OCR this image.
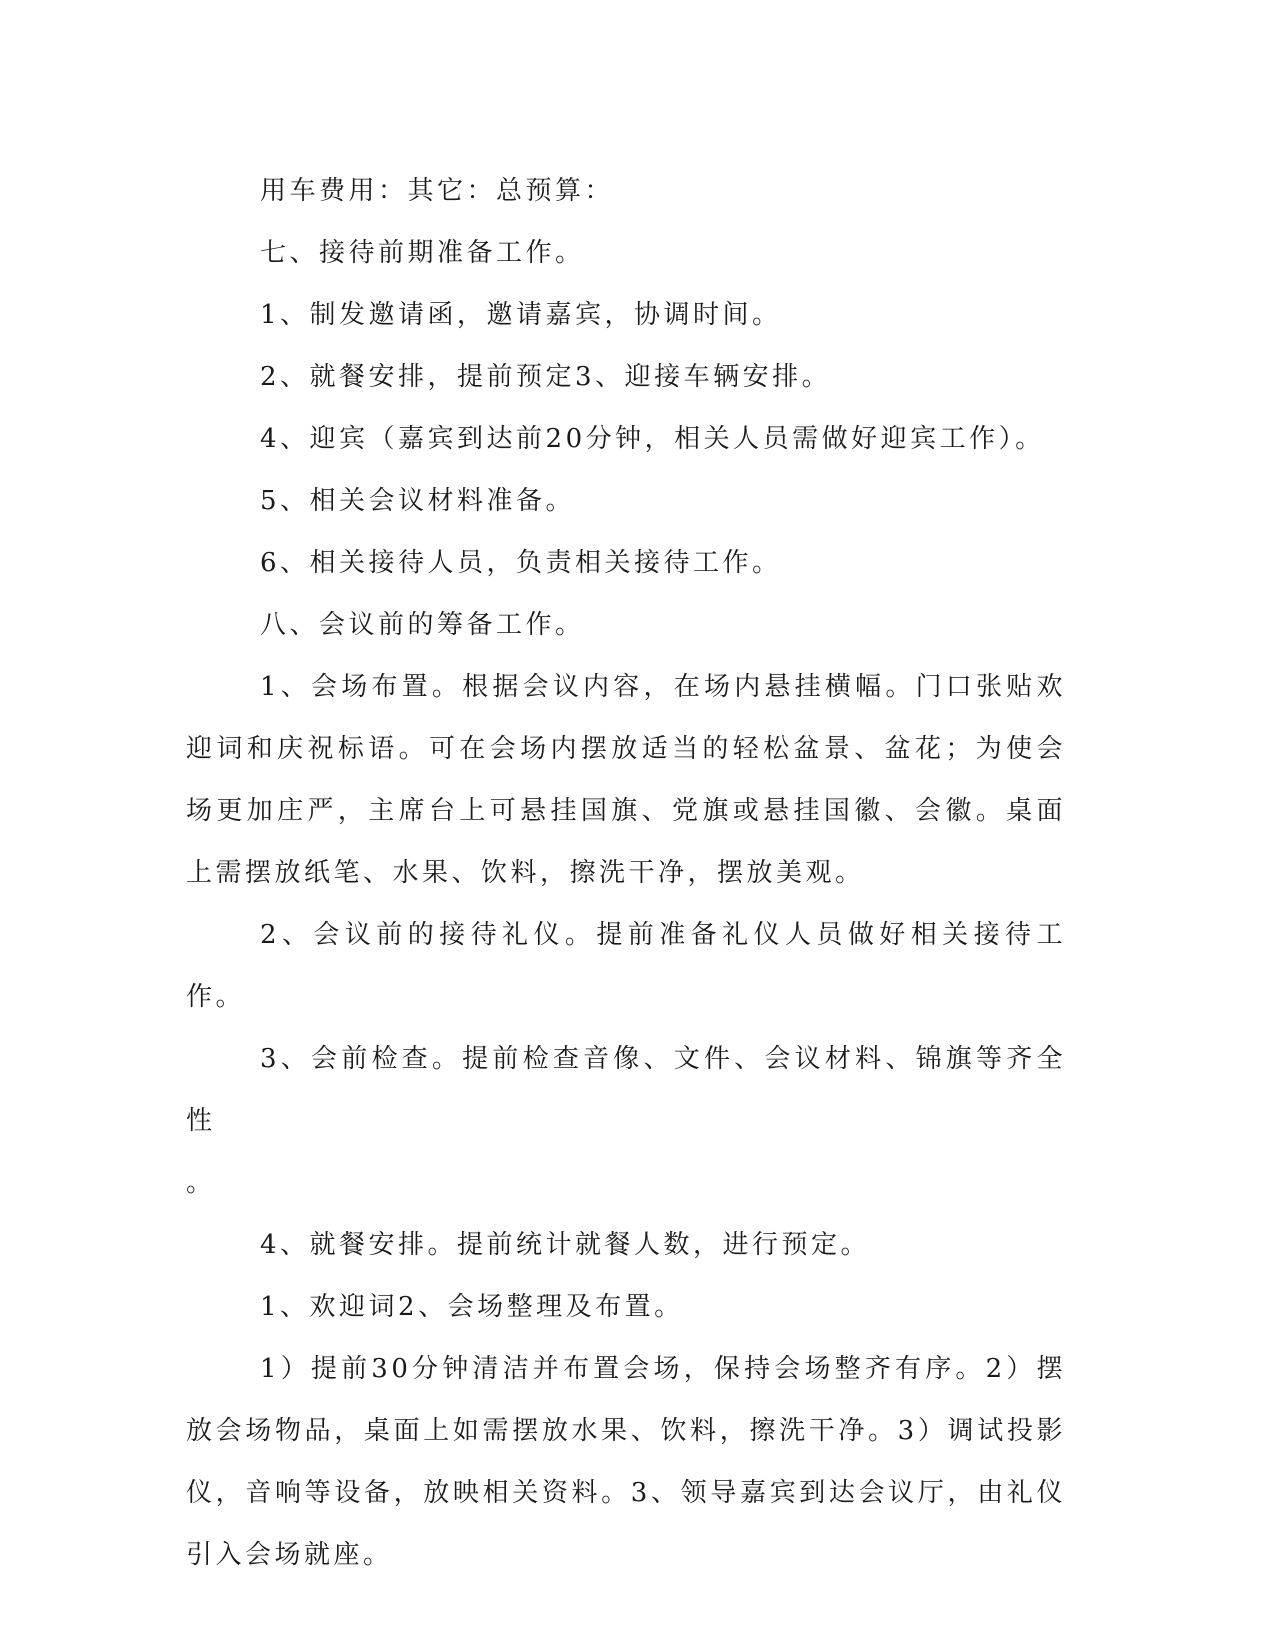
用车费用：其它：总预算：

七、接待前期准备工作。

1、制发邀请函，邀请嘉宾，协调时间。

2、就餐安排，提前预定3、迎接车辆安排。

4、迎宾（嘉宾到达前20分钟，相关人员需做好迎宾工作）。

5、相关会议材料准备。

6、相关接待人员，负责相关接待工作。

八、会议前的筹备工作。

1、会场布置。根据会议内容，在场内悬挂横幅。门口张贴欢迎词和庆祝标语。可在会场内摆放适当的轻松盆景、盆花；为使会场更加庄严，主席台上可悬挂国旗、党旗或悬挂国徽、会徽。桌面上需摆放纸笔、水果、饮料，擦洗干净，摆放美观。

2、会议前的接待礼仪。提前准备礼仪人员做好相关接待工作。

3、会前检查。提前检查音像、文件、会议材料、锦旗等齐全性

。

4、就餐安排。提前统计就餐人数，进行预定。

1、欢迎词2、会场整理及布置。

1）提前30分钟清洁并布置会场，保持会场整齐有序。2）摆放会场物品，桌面上如需摆放水果、饮料，擦洗干净。3）调试投影仪，音响等设备，放映相关资料。3、领导嘉宾到达会议厅，由礼仪引入会场就座。
